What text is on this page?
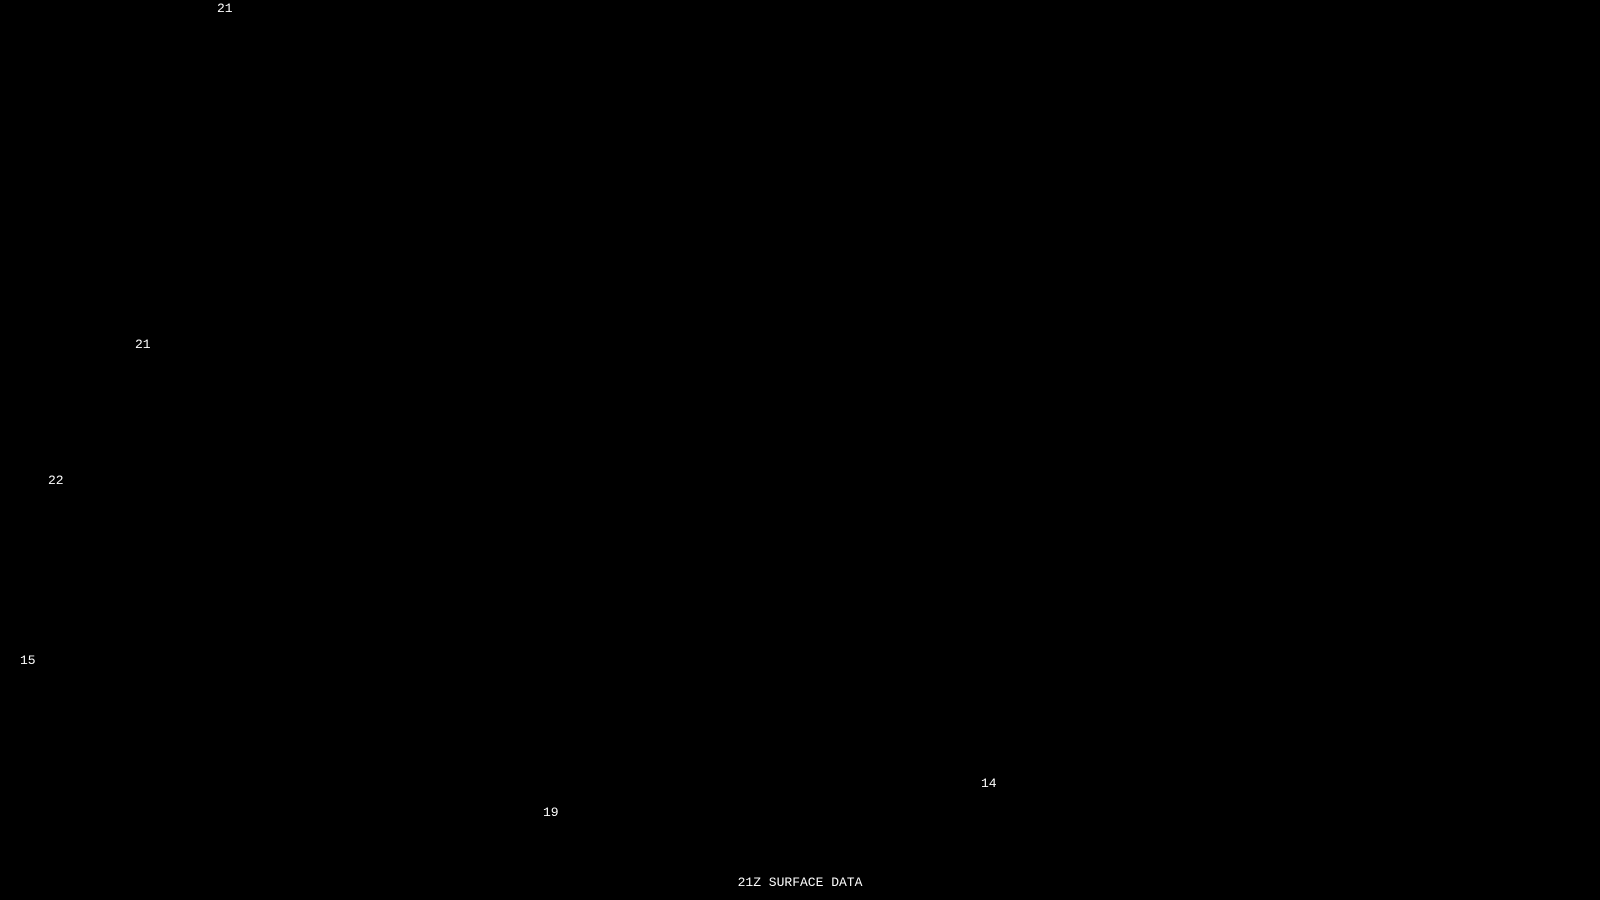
21
21
22
15
19
14
21Z SURFACE DATA
